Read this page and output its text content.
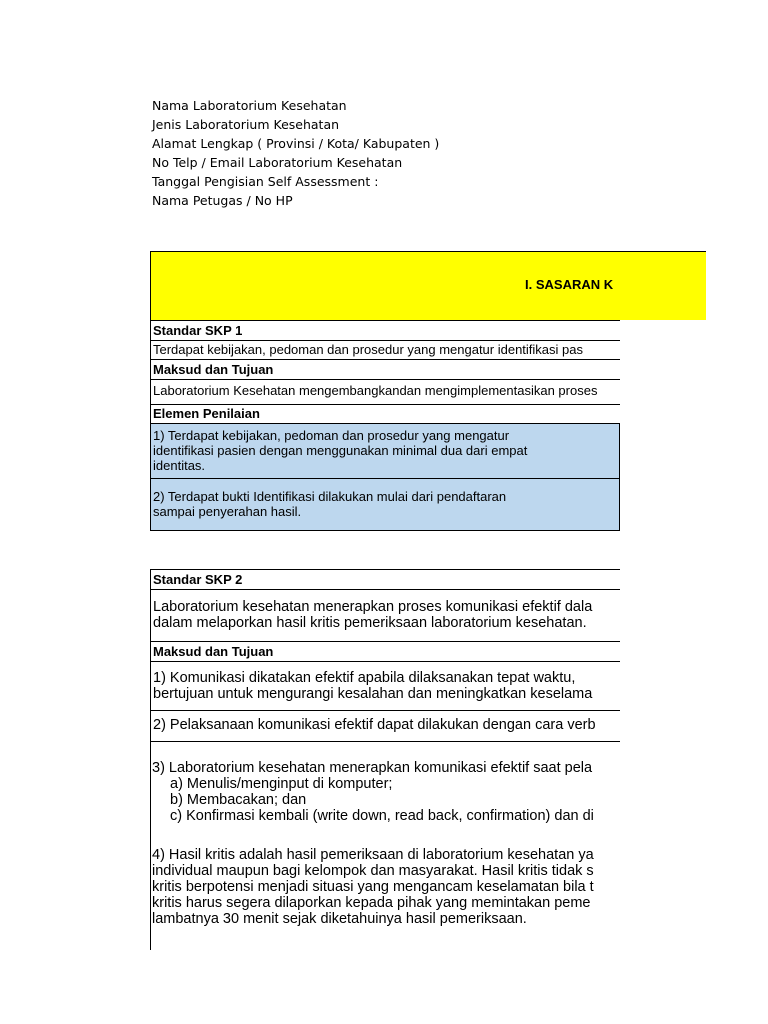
Nama Laboratorium Kesehatan
Jenis Laboratorium Kesehatan
Alamat Lengkap ( Provinsi / Kota/ Kabupaten )
No Telp / Email Laboratorium Kesehatan
Tanggal Pengisian Self Assessment :
Nama Petugas / No HP
I. SASARAN K
Standar SKP 1
Terdapat kebijakan, pedoman dan prosedur yang mengatur identifikasi pas
Maksud dan Tujuan
Laboratorium Kesehatan mengembangkandan mengimplementasikan proses
Elemen Penilaian
1) Terdapat kebijakan, pedoman dan prosedur yang mengatur
identifikasi pasien dengan menggunakan minimal dua dari empat
identitas.
2) Terdapat bukti Identifikasi dilakukan mulai dari pendaftaran
sampai penyerahan hasil.
Standar SKP 2
Laboratorium kesehatan menerapkan proses komunikasi efektif dala
dalam melaporkan hasil kritis pemeriksaan laboratorium kesehatan.
Maksud dan Tujuan
1) Komunikasi dikatakan efektif apabila dilaksanakan tepat waktu,
bertujuan untuk mengurangi kesalahan dan meningkatkan keselama
2) Pelaksanaan komunikasi efektif dapat dilakukan dengan cara verb
3) Laboratorium kesehatan menerapkan komunikasi efektif saat pela
a) Menulis/menginput di komputer;
b) Membacakan; dan
c) Konfirmasi kembali (write down, read back, confirmation) dan di
4) Hasil kritis adalah hasil pemeriksaan di laboratorium kesehatan ya
individual maupun bagi kelompok dan masyarakat. Hasil kritis tidak s
kritis berpotensi menjadi situasi yang mengancam keselamatan bila t
kritis harus segera dilaporkan kepada pihak yang memintakan peme
lambatnya 30 menit sejak diketahuinya hasil pemeriksaan.
